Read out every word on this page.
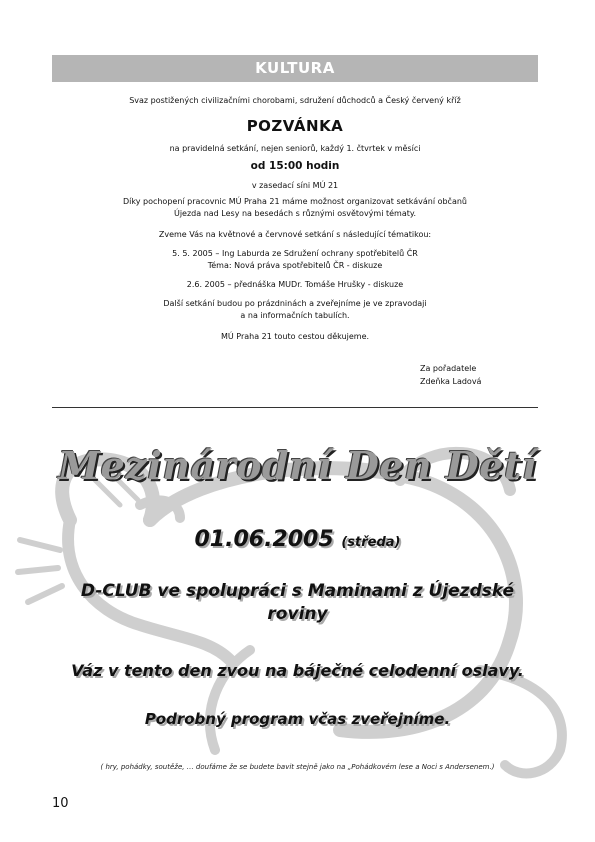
KULTURA

Svaz postižených civilizačními chorobami, sdružení důchodců a Český červený kříž

POZVÁNKA

na pravidelná setkání, nejen seniorů, každý 1. čtvrtek v měsíci

od 15:00 hodin

v zasedací síni MÚ 21

Díky pochopení pracovnic MÚ Praha 21 máme možnost organizovat setkávání občanů

Újezda nad Lesy na besedách s různými osvětovými tématy.

Zveme Vás na květnové a červnové setkání s následující tématikou:

5. 5. 2005 – Ing Laburda ze Sdružení ochrany spotřebitelů ČR

Téma: Nová práva spotřebitelů ČR - diskuze

2.6. 2005 – přednáška MUDr. Tomáše Hrušky - diskuze

Další setkání budou po prázdninách a zveřejníme je ve zpravodaji

a na informačních tabulích.

MÚ Praha 21 touto cestou děkujeme.

Za pořadatele
Zdeňka Ladová
Mezinárodní Den Dětí
01.06.2005 (středa)
D-CLUB ve spolupráci s Maminami z Újezdské
roviny
Váz v tento den zvou na báječné celodenní oslavy.
Podrobný program včas zveřejníme.
( hry, pohádky, soutěže, … doufáme že se budete bavit stejně jako na „Pohádkovém lese a Noci s Andersenem.)
10
